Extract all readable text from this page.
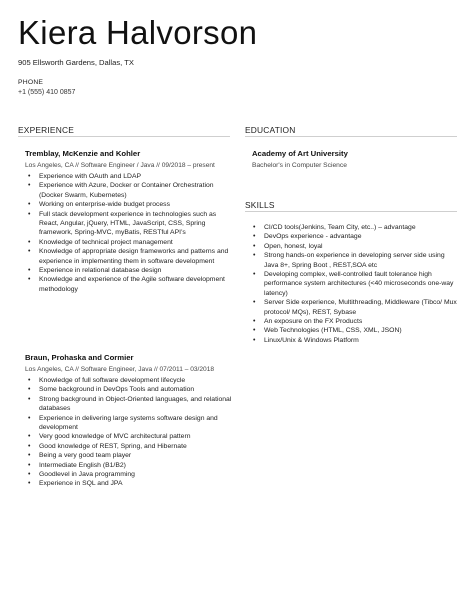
Kiera Halvorson
905 Ellsworth Gardens, Dallas, TX
PHONE
+1 (555) 410 0857
EXPERIENCE	EDUCATION
Tremblay, McKenzie and Kohler
Los Angeles, CA // Software Engineer / Java // 09/2018 – present
• Experience with OAuth and LDAP
• Experience with Azure, Docker or Container Orchestration (Docker Swarm, Kubernetes)
• Working on enterprise-wide budget process
• Full stack development experience in technologies such as React, Angular, jQuery, HTML, JavaScript, CSS, Spring framework, Spring-MVC, myBatis, RESTful API’s
• Knowledge of technical project management
• Knowledge of appropriate design frameworks and patterns and experience in implementing them in software development
• Experience in relational database design
• Knowledge and experience of the Agile software development methodology
Braun, Prohaska and Cormier
Los Angeles, CA // Software Engineer, Java // 07/2011 – 03/2018
• Knowledge of full software development lifecycle
• Some background in DevOps Tools and automation
• Strong background in Object-Oriented languages, and relational databases
• Experience in delivering large systems software design and development
• Very good knowledge of MVC architectural pattern
• Good knowledge of REST, Spring, and Hibernate
• Being a very good team player
• Intermediate English (B1/B2)
• Goodlevel in Java programming
• Experience in SQL and JPA
Academy of Art University
Bachelor's in Computer Science
SKILLS
• CI/CD tools(Jenkins, Team City, etc..) – advantage
• DevOps experience - advantage
• Open, honest, loyal
• Strong hands-on experience in developing server side using Java 8+, Spring Boot , REST,SOA etc
• Developing complex, well-controlled fault tolerance high performance system architectures (<40 microseconds one-way latency)
• Server Side experience, Multithreading, Middleware (Tibco/ Mux protocol/ MQs), REST, Sybase
• An exposure on the FX Products
• Web Technologies (HTML, CSS, XML, JSON)
• Linux/Unix & Windows Platform
